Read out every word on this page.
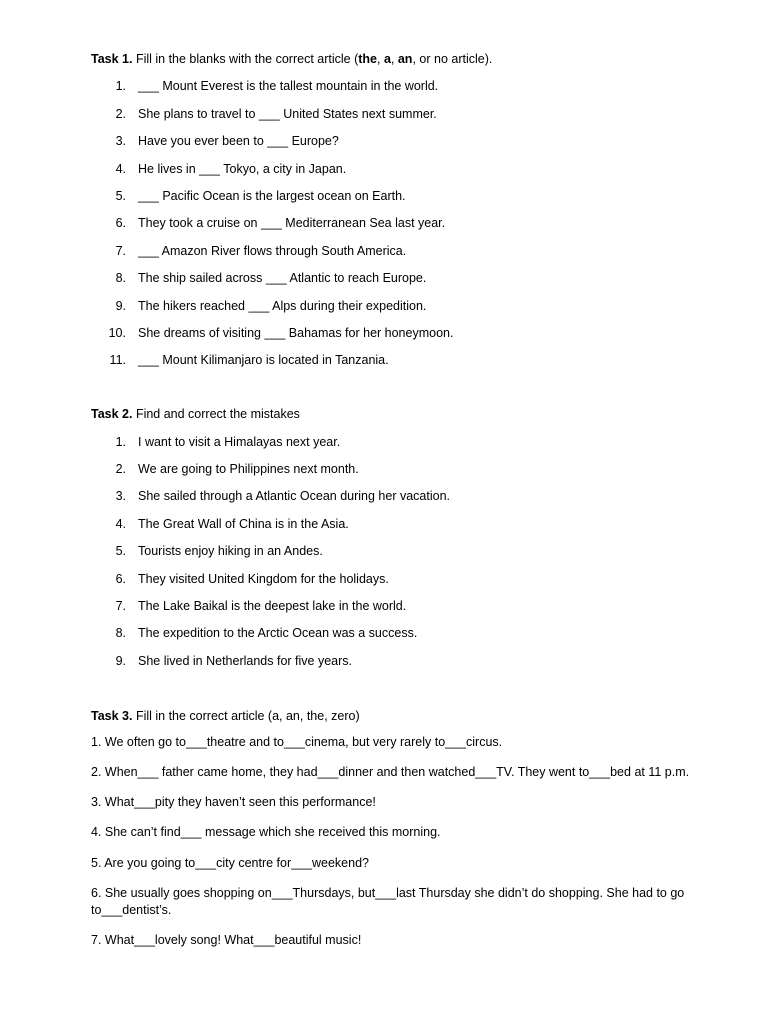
Task 1. Fill in the blanks with the correct article (the, a, an, or no article).

1. ___ Mount Everest is the tallest mountain in the world.
2. She plans to travel to ___ United States next summer.
3. Have you ever been to ___ Europe?
4. He lives in ___ Tokyo, a city in Japan.
5. ___ Pacific Ocean is the largest ocean on Earth.
6. They took a cruise on ___ Mediterranean Sea last year.
7. ___ Amazon River flows through South America.
8. The ship sailed across ___ Atlantic to reach Europe.
9. The hikers reached ___ Alps during their expedition.
10. She dreams of visiting ___ Bahamas for her honeymoon.
11. ___ Mount Kilimanjaro is located in Tanzania.

Task 2. Find and correct the mistakes

1. I want to visit a Himalayas next year.
2. We are going to Philippines next month.
3. She sailed through a Atlantic Ocean during her vacation.
4. The Great Wall of China is in the Asia.
5. Tourists enjoy hiking in an Andes.
6. They visited United Kingdom for the holidays.
7. The Lake Baikal is the deepest lake in the world.
8. The expedition to the Arctic Ocean was a success.
9. She lived in Netherlands for five years.

Task 3. Fill in the correct article (a, an, the, zero)

1. We often go to___theatre and to___cinema, but very rarely to___circus.

2. When___ father came home, they had___dinner and then watched___TV. They went to___bed at 11 p.m.

3. What___pity they haven’t seen this performance!

4. She can’t find___ message which she received this morning.

5. Are you going to___city centre for___weekend?

6. She usually goes shopping on___Thursdays, but___last Thursday she didn’t do shopping. She had to go to___dentist’s.

7. What___lovely song! What___beautiful music!
